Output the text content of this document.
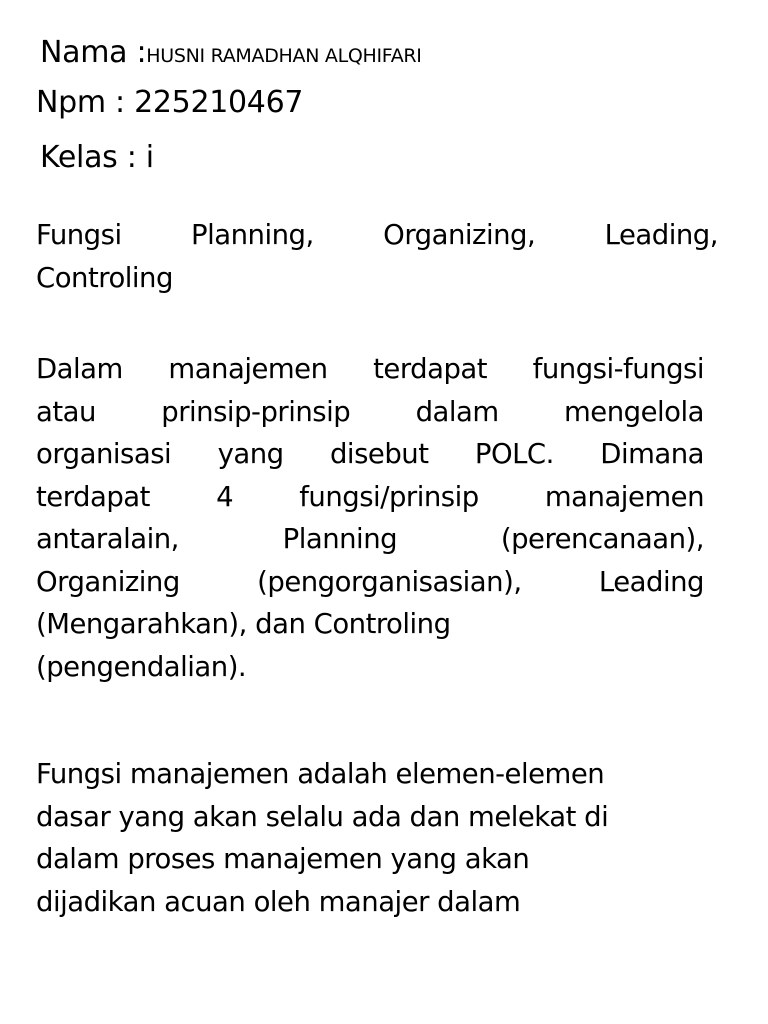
Nama :HUSNI RAMADHAN ALQHIFARI
Npm : 225210467
Kelas : i
Fungsi Planning, Organizing, Leading,
Controling
Dalam manajemen terdapat fungsi-fungsi
atau prinsip-prinsip dalam mengelola
organisasi yang disebut POLC. Dimana
terdapat 4 fungsi/prinsip manajemen
antaralain, Planning (perencanaan),
Organizing (pengorganisasian), Leading
(Mengarahkan), dan Controling
(pengendalian).
Fungsi manajemen adalah elemen-elemen
dasar yang akan selalu ada dan melekat di
dalam proses manajemen yang akan
dijadikan acuan oleh manajer dalam
